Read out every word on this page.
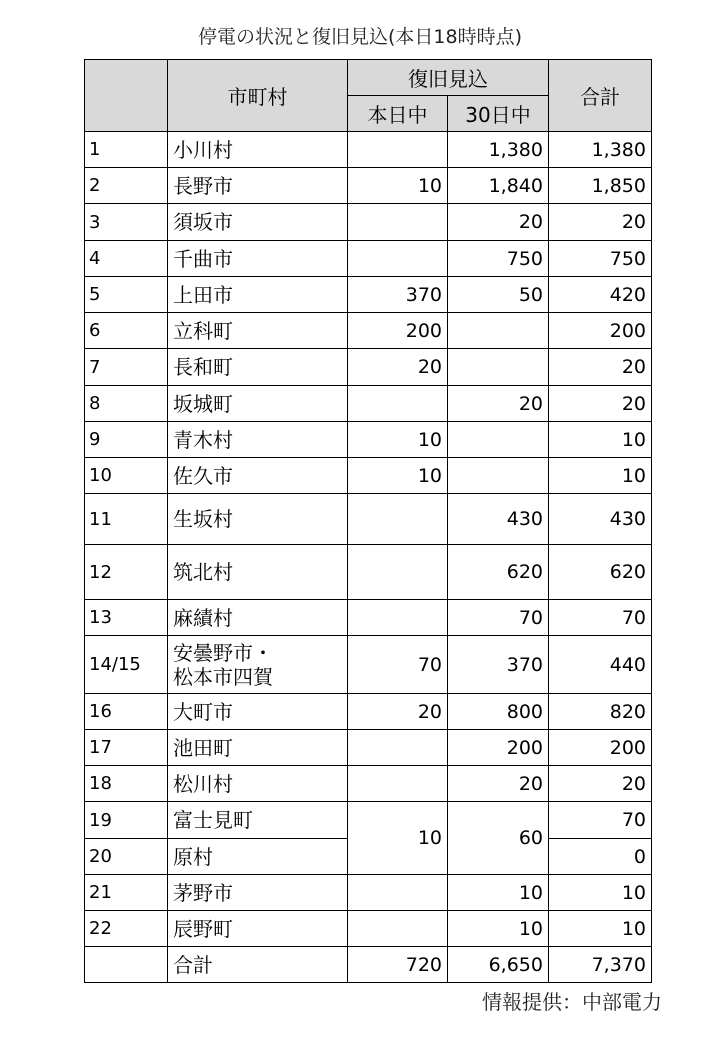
停電の状況と復旧見込(本日18時時点)
	市町村	復旧見込		合計
		本日中	30日中	
1	小川村		1,380	1,380
2	長野市	10	1,840	1,850
3	須坂市		20	20
4	千曲市		750	750
5	上田市	370	50	420
6	立科町	200		200
7	長和町	20		20
8	坂城町		20	20
9	青木村	10		10
10	佐久市	10		10
11	生坂村		430	430
12	筑北村		620	620
13	麻績村		70	70
14/15	安曇野市・
松本市四賀	70	370	440
16	大町市	20	800	820
17	池田町		200	200
18	松川村		20	20
19	富士見町	10	60	70
20	原村			0
21	茅野市		10	10
22	辰野町		10	10
	合計	720	6,650	7,370
情報提供：中部電力
